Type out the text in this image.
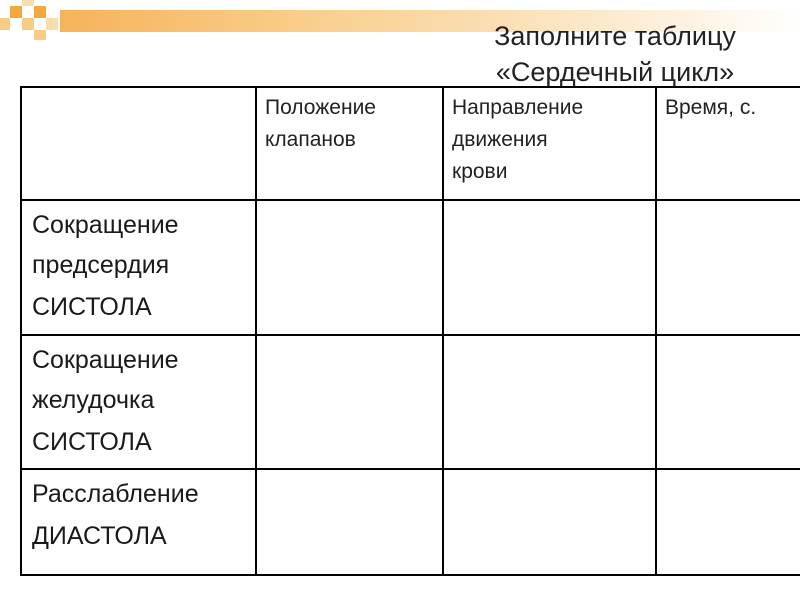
Заполните таблицу
«Сердечный цикл»

	Положение
клапанов	Направление
движения
крови	Время, с.

Сокращение
предсердия
СИСТОЛА			

Сокращение
желудочка
СИСТОЛА			

Расслабление
ДИАСТОЛА			
